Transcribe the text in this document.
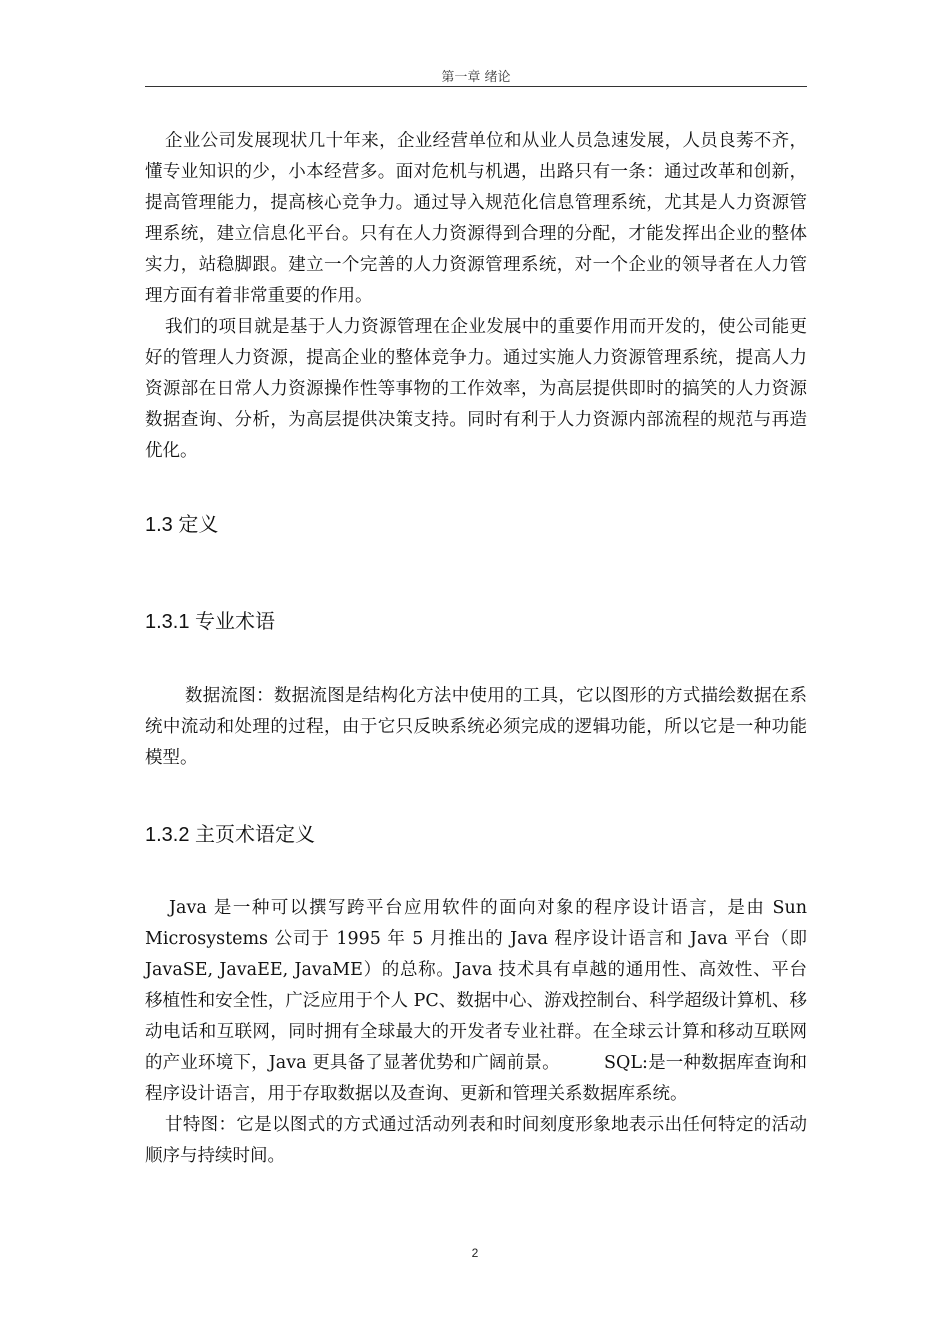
第一章 绪论

企业公司发展现状几十年来，企业经营单位和从业人员急速发展，人员良莠不齐，懂专业知识的少，小本经营多。面对危机与机遇，出路只有一条：通过改革和创新，提高管理能力，提高核心竞争力。通过导入规范化信息管理系统，尤其是人力资源管理系统，建立信息化平台。只有在人力资源得到合理的分配，才能发挥出企业的整体实力，站稳脚跟。建立一个完善的人力资源管理系统，对一个企业的领导者在人力管理方面有着非常重要的作用。

我们的项目就是基于人力资源管理在企业发展中的重要作用而开发的，使公司能更好的管理人力资源，提高企业的整体竞争力。通过实施人力资源管理系统，提高人力资源部在日常人力资源操作性等事物的工作效率，为高层提供即时的搞笑的人力资源数据查询、分析，为高层提供决策支持。同时有利于人力资源内部流程的规范与再造优化。

1.3 定义
1.3.1 专业术语

数据流图：数据流图是结构化方法中使用的工具，它以图形的方式描绘数据在系统中流动和处理的过程，由于它只反映系统必须完成的逻辑功能，所以它是一种功能模型。

1.3.2 主页术语定义

Java 是一种可以撰写跨平台应用软件的面向对象的程序设计语言，是由 Sun Microsystems 公司于 1995 年 5 月推出的 Java 程序设计语言和 Java 平台（即 JavaSE, JavaEE, JavaME）的总称。Java 技术具有卓越的通用性、高效性、平台移植性和安全性，广泛应用于个人 PC、数据中心、游戏控制台、科学超级计算机、移动电话和互联网，同时拥有全球最大的开发者专业社群。在全球云计算和移动互联网的产业环境下，Java 更具备了显著优势和广阔前景。　　　SQL:是一种数据库查询和程序设计语言，用于存取数据以及查询、更新和管理关系数据库系统。

甘特图：它是以图式的方式通过活动列表和时间刻度形象地表示出任何特定的活动顺序与持续时间。

2
